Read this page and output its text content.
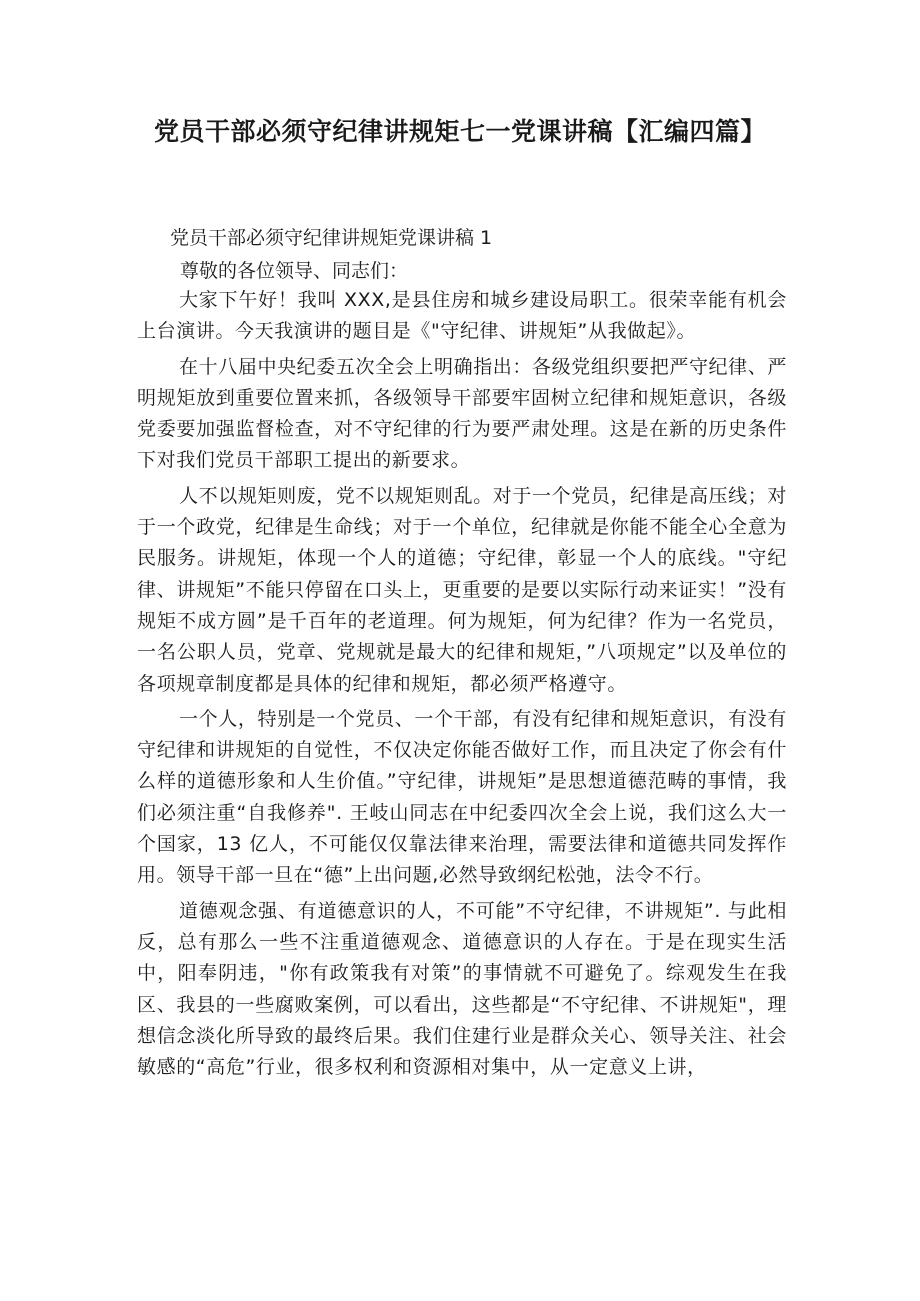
党员干部必须守纪律讲规矩七一党课讲稿【汇编四篇】

党员干部必须守纪律讲规矩党课讲稿 1

尊敬的各位领导、同志们：

大家下午好！我叫 XXX,是县住房和城乡建设局职工。很荣幸能有机会上台演讲。今天我演讲的题目是《"守纪律、讲规矩”从我做起》。

在十八届中央纪委五次全会上明确指出：各级党组织要把严守纪律、严明规矩放到重要位置来抓，各级领导干部要牢固树立纪律和规矩意识，各级党委要加强监督检查，对不守纪律的行为要严肃处理。这是在新的历史条件下对我们党员干部职工提出的新要求。

人不以规矩则废，党不以规矩则乱。对于一个党员，纪律是高压线；对于一个政党，纪律是生命线；对于一个单位，纪律就是你能不能全心全意为民服务。讲规矩，体现一个人的道德；守纪律，彰显一个人的底线。"守纪律、讲规矩”不能只停留在口头上，更重要的是要以实际行动来证实！”没有规矩不成方圆”是千百年的老道理。何为规矩，何为纪律？作为一名党员，一名公职人员，党章、党规就是最大的纪律和规矩，”八项规定”以及单位的各项规章制度都是具体的纪律和规矩，都必须严格遵守。

一个人，特别是一个党员、一个干部，有没有纪律和规矩意识，有没有守纪律和讲规矩的自觉性，不仅决定你能否做好工作，而且决定了你会有什么样的道德形象和人生价值。”守纪律，讲规矩”是思想道德范畴的事情，我们必须注重“自我修养". 王岐山同志在中纪委四次全会上说，我们这么大一个国家，13 亿人，不可能仅仅靠法律来治理，需要法律和道德共同发挥作用。领导干部一旦在“德”上出问题,必然导致纲纪松弛，法令不行。

道德观念强、有道德意识的人，不可能”不守纪律，不讲规矩”. 与此相反，总有那么一些不注重道德观念、道德意识的人存在。于是在现实生活中，阳奉阴违，"你有政策我有对策”的事情就不可避免了。综观发生在我区、我县的一些腐败案例，可以看出，这些都是“不守纪律、不讲规矩"，理想信念淡化所导致的最终后果。我们住建行业是群众关心、领导关注、社会敏感的“高危”行业，很多权利和资源相对集中，从一定意义上讲，
